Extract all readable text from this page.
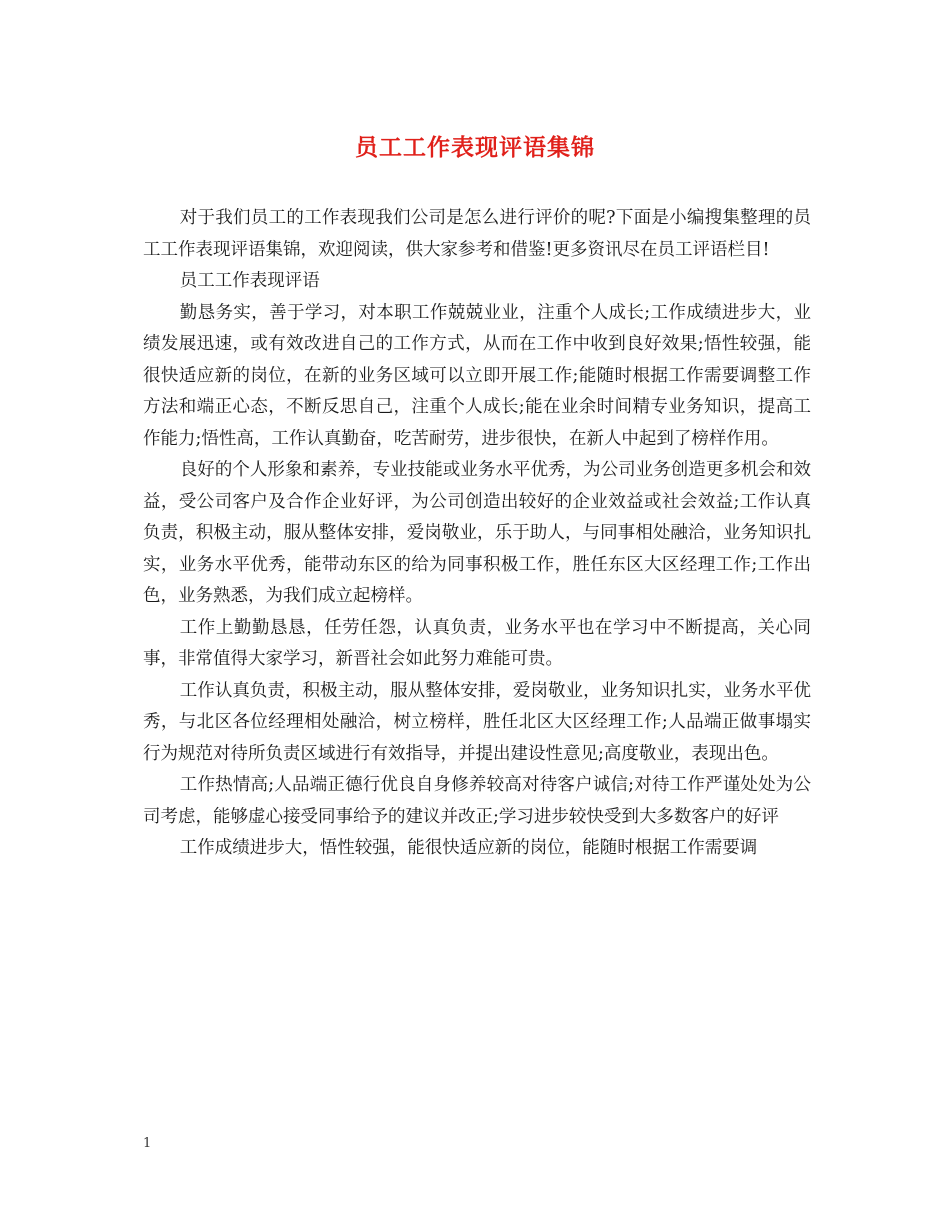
员工工作表现评语集锦

对于我们员工的工作表现我们公司是怎么进行评价的呢?下面是小编搜集整理的员工工作表现评语集锦，欢迎阅读，供大家参考和借鉴!更多资讯尽在员工评语栏目!

员工工作表现评语

勤恳务实，善于学习，对本职工作兢兢业业，注重个人成长;工作成绩进步大，业绩发展迅速，或有效改进自己的工作方式，从而在工作中收到良好效果;悟性较强，能很快适应新的岗位，在新的业务区域可以立即开展工作;能随时根据工作需要调整工作方法和端正心态，不断反思自己，注重个人成长;能在业余时间精专业务知识，提高工作能力;悟性高，工作认真勤奋，吃苦耐劳，进步很快，在新人中起到了榜样作用。

良好的个人形象和素养，专业技能或业务水平优秀，为公司业务创造更多机会和效益，受公司客户及合作企业好评，为公司创造出较好的企业效益或社会效益;工作认真负责，积极主动，服从整体安排，爱岗敬业，乐于助人，与同事相处融洽，业务知识扎实，业务水平优秀，能带动东区的给为同事积极工作，胜任东区大区经理工作;工作出色，业务熟悉，为我们成立起榜样。

工作上勤勤恳恳，任劳任怨，认真负责，业务水平也在学习中不断提高，关心同事，非常值得大家学习，新晋社会如此努力难能可贵。

工作认真负责，积极主动，服从整体安排，爱岗敬业，业务知识扎实，业务水平优秀，与北区各位经理相处融洽，树立榜样，胜任北区大区经理工作;人品端正做事塌实行为规范对待所负责区域进行有效指导，并提出建设性意见;高度敬业，表现出色。

工作热情高;人品端正德行优良自身修养较高对待客户诚信;对待工作严谨处处为公司考虑，能够虚心接受同事给予的建议并改正;学习进步较快受到大多数客户的好评

工作成绩进步大，悟性较强，能很快适应新的岗位，能随时根据工作需要调

1
